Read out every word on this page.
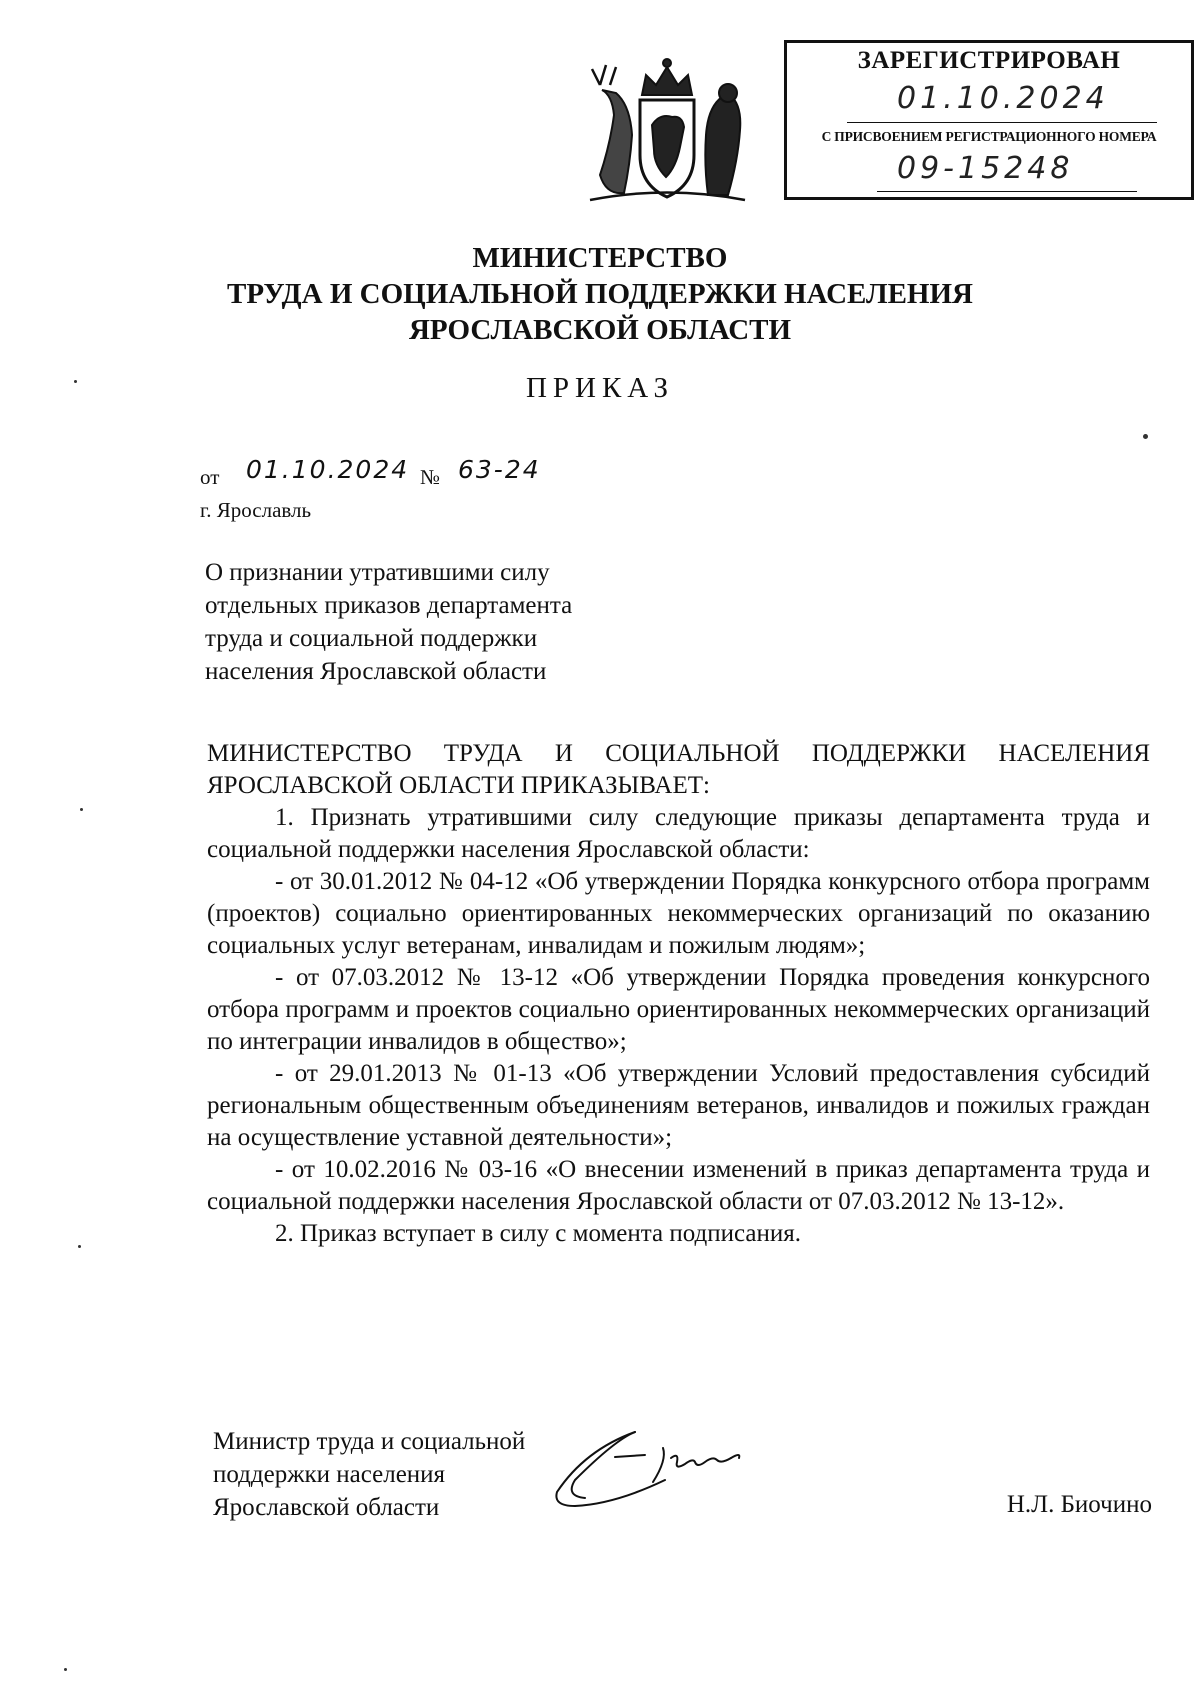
ЗАРЕГИСТРИРОВАН
01.10.2024
С ПРИСВОЕНИЕМ РЕГИСТРАЦИОННОГО НОМЕРА
09-15248
МИНИСТЕРСТВО
ТРУДА И СОЦИАЛЬНОЙ ПОДДЕРЖКИ НАСЕЛЕНИЯ
ЯРОСЛАВСКОЙ ОБЛАСТИ
ПРИКАЗ
от 01.10.2024 № 63-24
г. Ярославль
О признании утратившими силу
отдельных приказов департамента
труда и социальной поддержки
населения Ярославской области
МИНИСТЕРСТВО ТРУДА И СОЦИАЛЬНОЙ ПОДДЕРЖКИ НАСЕЛЕНИЯ ЯРОСЛАВСКОЙ ОБЛАСТИ ПРИКАЗЫВАЕТ:
1. Признать утратившими силу следующие приказы департамента труда и социальной поддержки населения Ярославской области:
- от 30.01.2012 № 04-12 «Об утверждении Порядка конкурсного отбора программ (проектов) социально ориентированных некоммерческих организаций по оказанию социальных услуг ветеранам, инвалидам и пожилым людям»;
- от 07.03.2012 № 13-12 «Об утверждении Порядка проведения конкурсного отбора программ и проектов социально ориентированных некоммерческих организаций по интеграции инвалидов в общество»;
- от 29.01.2013 № 01-13 «Об утверждении Условий предоставления субсидий региональным общественным объединениям ветеранов, инвалидов и пожилых граждан на осуществление уставной деятельности»;
- от 10.02.2016 № 03-16 «О внесении изменений в приказ департамента труда и социальной поддержки населения Ярославской области от 07.03.2012 № 13-12».
2. Приказ вступает в силу с момента подписания.
Министр труда и социальной
поддержки населения
Ярославской области	Н.Л. Биочино
